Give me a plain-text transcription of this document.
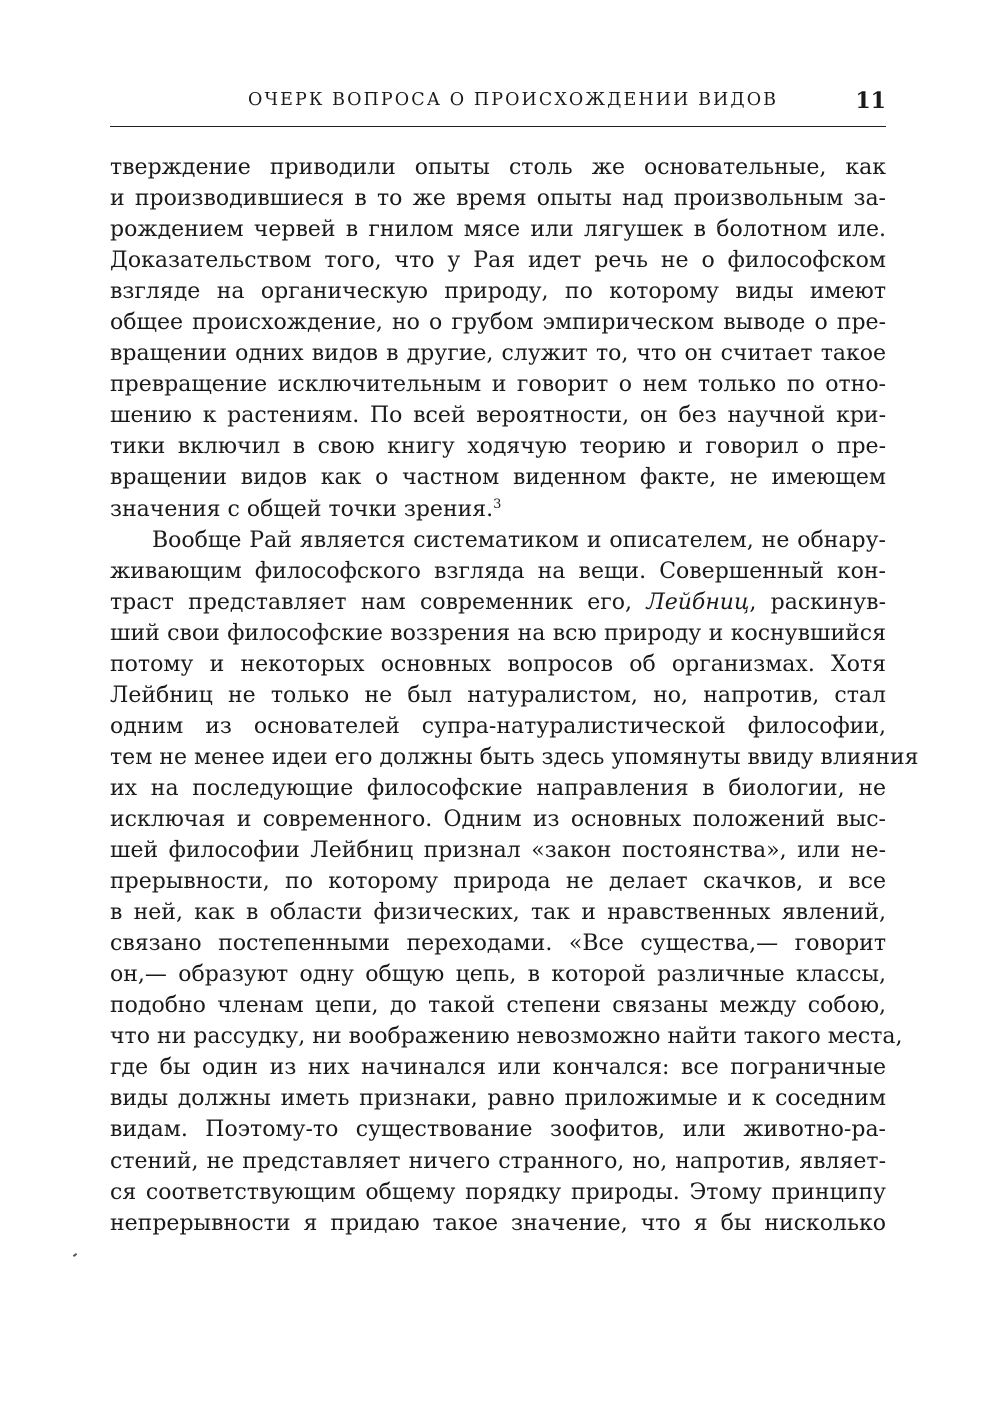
ОЧЕРК ВОПРОСА О ПРОИСХОЖДЕНИИ ВИДОВ	11
тверждение приводили опыты столь же основательные, как
и производившиеся в то же время опыты над произвольным за-
рождением червей в гнилом мясе или лягушек в болотном иле.
Доказательством того, что у Рая идет речь не о философском
взгляде на органическую природу, по которому виды имеют
общее происхождение, но о грубом эмпирическом выводе о пре-
вращении одних видов в другие, служит то, что он считает такое
превращение исключительным и говорит о нем только по отно-
шению к растениям. По всей вероятности, он без научной кри-
тики включил в свою книгу ходячую теорию и говорил о пре-
вращении видов как о частном виденном факте, не имеющем
значения с общей точки зрения.$^3$
Вообще Рай является систематиком и описателем, не обнару-
живающим философского взгляда на вещи. Совершенный кон-
траст представляет нам современник его, Лейбниц, раскинув-
ший свои философские воззрения на всю природу и коснувшийся
потому и некоторых основных вопросов об организмах. Хотя
Лейбниц не только не был натуралистом, но, напротив, стал
одним из основателей супра-натуралистической философии,
тем не менее идеи его должны быть здесь упомянуты ввиду влияния
их на последующие философские направления в биологии, не
исключая и современного. Одним из основных положений выс-
шей философии Лейбниц признал «закон постоянства», или не-
прерывности, по которому природа не делает скачков, и все
в ней, как в области физических, так и нравственных явлений,
связано постепенными переходами. «Все существа,— говорит
он,— образуют одну общую цепь, в которой различные классы,
подобно членам цепи, до такой степени связаны между собою,
что ни рассудку, ни воображению невозможно найти такого места,
где бы один из них начинался или кончался: все пограничные
виды должны иметь признаки, равно приложимые и к соседним
видам. Поэтому-то существование зоофитов, или животно-ра-
стений, не представляет ничего странного, но, напротив, являет-
ся соответствующим общему порядку природы. Этому принципу
непрерывности я придаю такое значение, что я бы нисколько
